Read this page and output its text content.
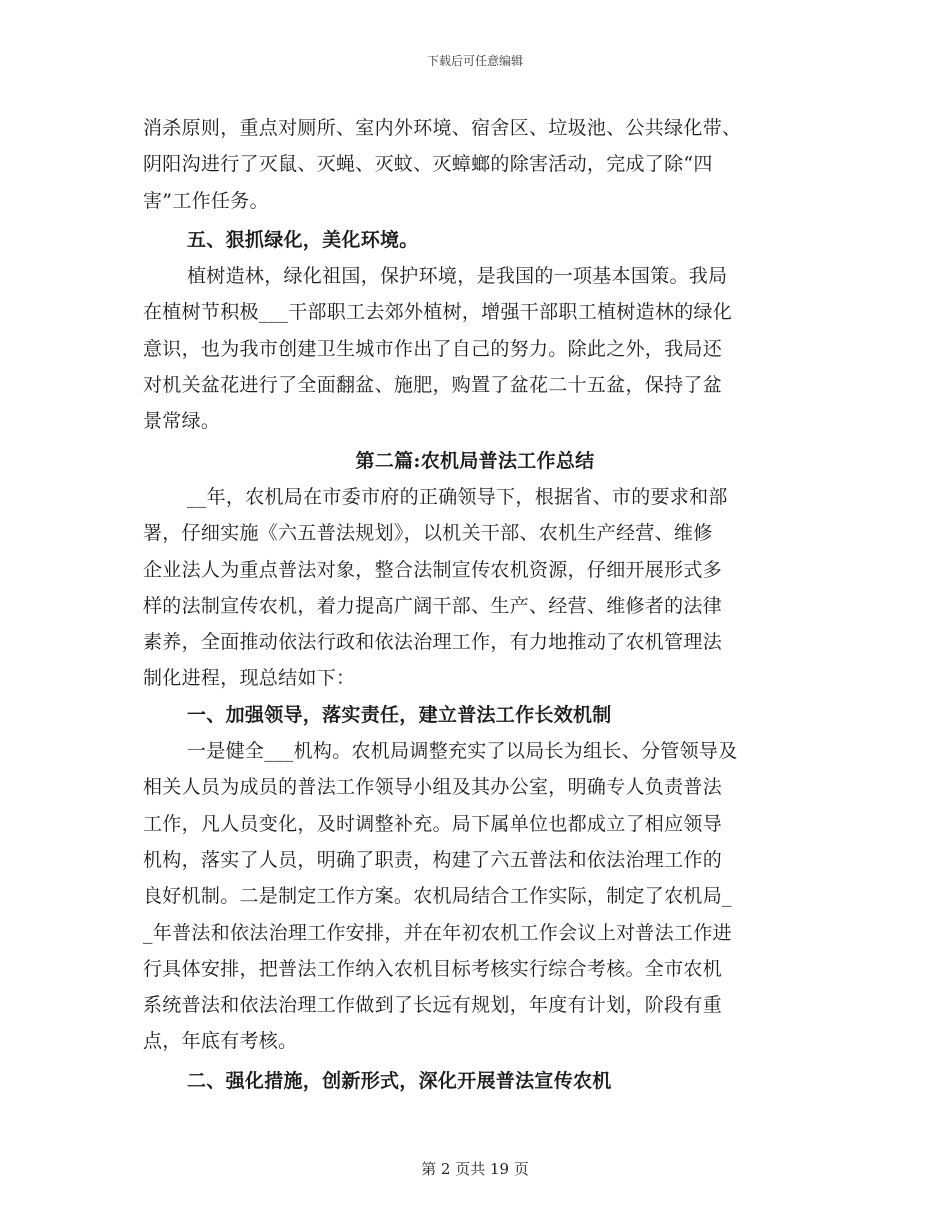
下载后可任意编辑
消杀原则，重点对厕所、室内外环境、宿舍区、垃圾池、公共绿化带、
阴阳沟进行了灭鼠、灭蝇、灭蚊、灭蟑螂的除害活动，完成了除“四
害”工作任务。
五、狠抓绿化，美化环境。
植树造林，绿化祖国，保护环境，是我国的一项基本国策。我局
在植树节积极___干部职工去郊外植树，增强干部职工植树造林的绿化
意识，也为我市创建卫生城市作出了自己的努力。除此之外，我局还
对机关盆花进行了全面翻盆、施肥，购置了盆花二十五盆，保持了盆
景常绿。
第二篇:农机局普法工作总结
__年，农机局在市委市府的正确领导下，根据省、市的要求和部
署，仔细实施《六五普法规划》，以机关干部、农机生产经营、维修
企业法人为重点普法对象，整合法制宣传农机资源，仔细开展形式多
样的法制宣传农机，着力提高广阔干部、生产、经营、维修者的法律
素养，全面推动依法行政和依法治理工作，有力地推动了农机管理法
制化进程，现总结如下：
一、加强领导，落实责任，建立普法工作长效机制
一是健全___机构。农机局调整充实了以局长为组长、分管领导及
相关人员为成员的普法工作领导小组及其办公室，明确专人负责普法
工作，凡人员变化，及时调整补充。局下属单位也都成立了相应领导
机构，落实了人员，明确了职责，构建了六五普法和依法治理工作的
良好机制。二是制定工作方案。农机局结合工作实际，制定了农机局_
_年普法和依法治理工作安排，并在年初农机工作会议上对普法工作进
行具体安排，把普法工作纳入农机目标考核实行综合考核。全市农机
系统普法和依法治理工作做到了长远有规划，年度有计划，阶段有重
点，年底有考核。
二、强化措施，创新形式，深化开展普法宣传农机
第 2 页共 19 页
